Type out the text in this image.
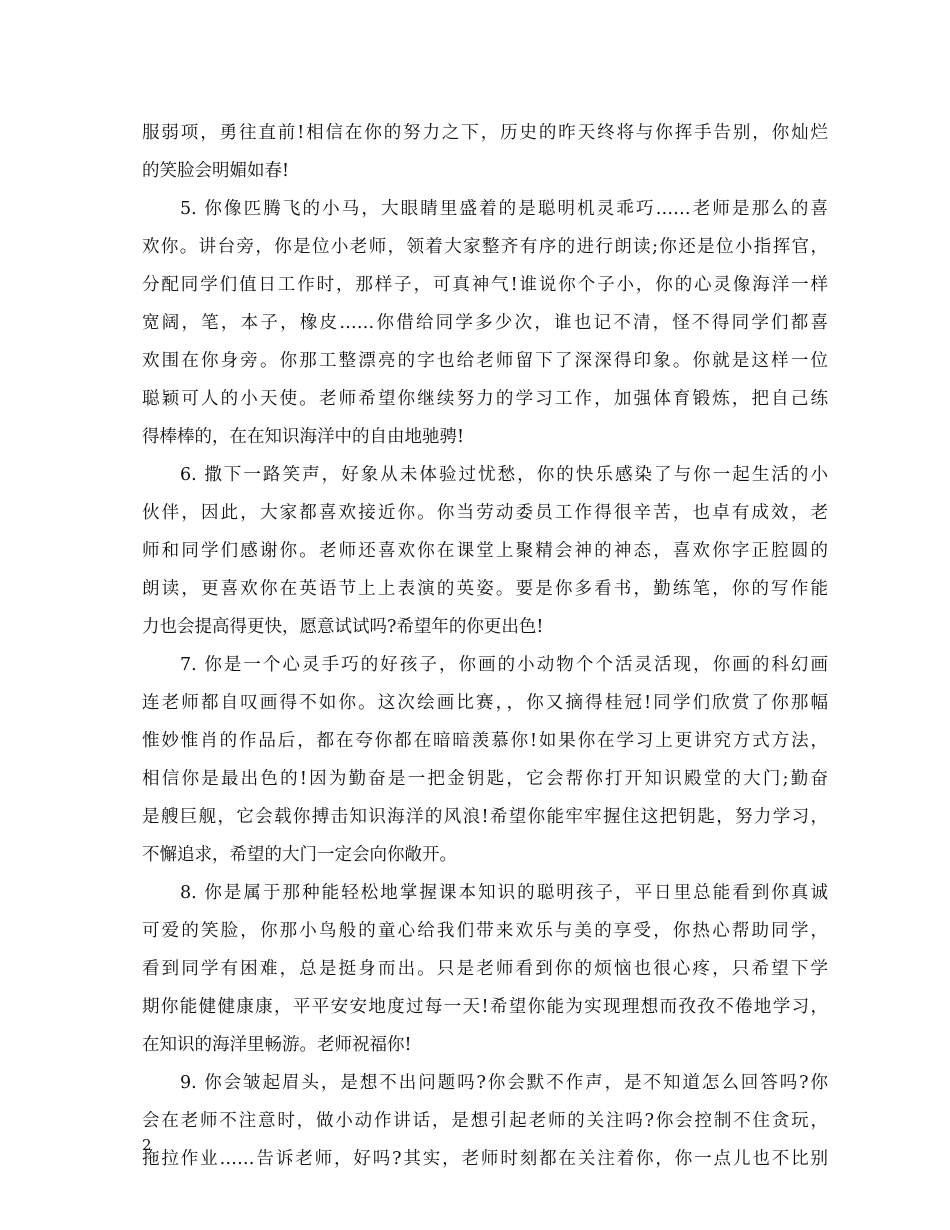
服弱项，勇往直前!相信在你的努力之下，历史的昨天终将与你挥手告别，你灿烂
的笑脸会明媚如春!
5. 你像匹腾飞的小马，大眼睛里盛着的是聪明机灵乖巧……老师是那么的喜
欢你。讲台旁，你是位小老师，领着大家整齐有序的进行朗读;你还是位小指挥官，
分配同学们值日工作时，那样子，可真神气!谁说你个子小，你的心灵像海洋一样
宽阔，笔，本子，橡皮……你借给同学多少次，谁也记不清，怪不得同学们都喜
欢围在你身旁。你那工整漂亮的字也给老师留下了深深得印象。你就是这样一位
聪颖可人的小天使。老师希望你继续努力的学习工作，加强体育锻炼，把自己练
得棒棒的，在在知识海洋中的自由地驰骋!
6. 撒下一路笑声，好象从未体验过忧愁，你的快乐感染了与你一起生活的小
伙伴，因此，大家都喜欢接近你。你当劳动委员工作得很辛苦，也卓有成效，老
师和同学们感谢你。老师还喜欢你在课堂上聚精会神的神态，喜欢你字正腔圆的
朗读，更喜欢你在英语节上上表演的英姿。要是你多看书，勤练笔，你的写作能
力也会提高得更快，愿意试试吗?希望年的你更出色!
7. 你是一个心灵手巧的好孩子，你画的小动物个个活灵活现，你画的科幻画
连老师都自叹画得不如你。这次绘画比赛，，你又摘得桂冠!同学们欣赏了你那幅
惟妙惟肖的作品后，都在夸你都在暗暗羡慕你!如果你在学习上更讲究方式方法，
相信你是最出色的!因为勤奋是一把金钥匙，它会帮你打开知识殿堂的大门;勤奋
是艘巨舰，它会载你搏击知识海洋的风浪!希望你能牢牢握住这把钥匙，努力学习，
不懈追求，希望的大门一定会向你敞开。
8. 你是属于那种能轻松地掌握课本知识的聪明孩子，平日里总能看到你真诚
可爱的笑脸，你那小鸟般的童心给我们带来欢乐与美的享受，你热心帮助同学，
看到同学有困难，总是挺身而出。只是老师看到你的烦恼也很心疼，只希望下学
期你能健健康康，平平安安地度过每一天!希望你能为实现理想而孜孜不倦地学习，
在知识的海洋里畅游。老师祝福你!
9. 你会皱起眉头，是想不出问题吗?你会默不作声，是不知道怎么回答吗?你
会在老师不注意时，做小动作讲话，是想引起老师的关注吗?你会控制不住贪玩，
拖拉作业……告诉老师，好吗?其实，老师时刻都在关注着你，你一点儿也不比别
2
